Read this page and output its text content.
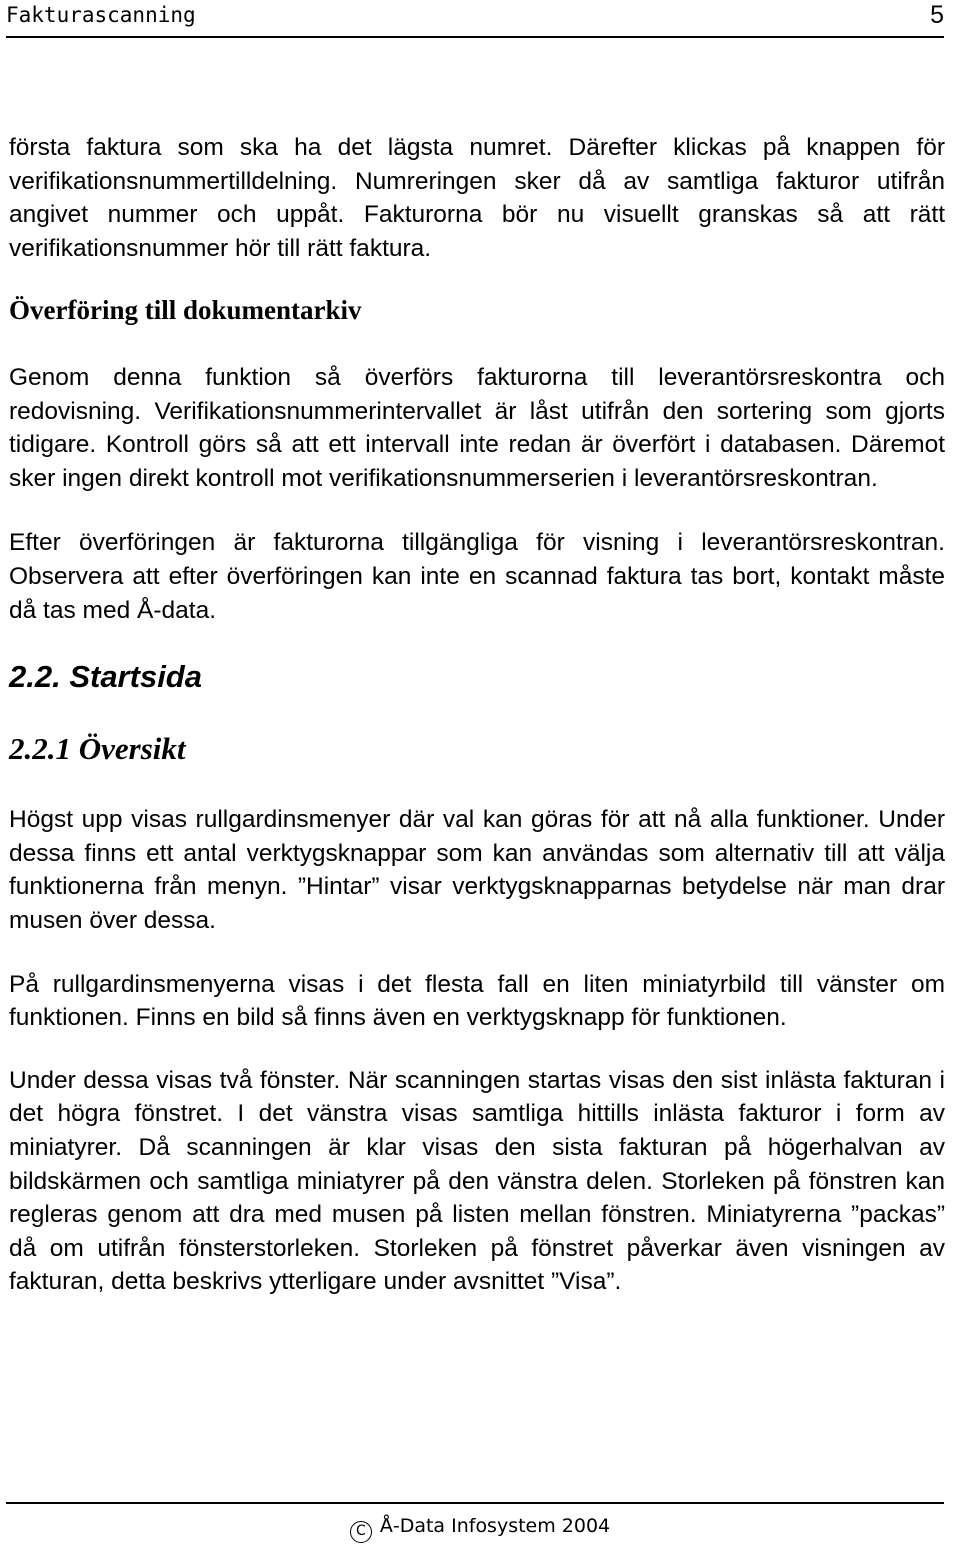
Fakturascanning	5

första faktura som ska ha det lägsta numret. Därefter klickas på knappen för verifikationsnummertilldelning. Numreringen sker då av samtliga fakturor utifrån angivet nummer och uppåt. Fakturorna bör nu visuellt granskas så att rätt verifikationsnummer hör till rätt faktura.

Överföring till dokumentarkiv

Genom denna funktion så överförs fakturorna till leverantörsreskontra och redovisning. Verifikationsnummerintervallet är låst utifrån den sortering som gjorts tidigare. Kontroll görs så att ett intervall inte redan är överfört i databasen. Däremot sker ingen direkt kontroll mot verifikationsnummerserien i leverantörsreskontran.

Efter överföringen är fakturorna tillgängliga för visning i leverantörsreskontran. Observera att efter överföringen kan inte en scannad faktura tas bort, kontakt måste då tas med Å-data.

2.2. Startsida
2.2.1 Översikt

Högst upp visas rullgardinsmenyer där val kan göras för att nå alla funktioner. Under dessa finns ett antal verktygsknappar som kan användas som alternativ till att välja funktionerna från menyn. ”Hintar” visar verktygsknapparnas betydelse när man drar musen över dessa.

På rullgardinsmenyerna visas i det flesta fall en liten miniatyrbild till vänster om funktionen. Finns en bild så finns även en verktygsknapp för funktionen.

Under dessa visas två fönster. När scanningen startas visas den sist inlästa fakturan i det högra fönstret. I det vänstra visas samtliga hittills inlästa fakturor i form av miniatyrer. Då scanningen är klar visas den sista fakturan på högerhalvan av bildskärmen och samtliga miniatyrer på den vänstra delen. Storleken på fönstren kan regleras genom att dra med musen på listen mellan fönstren. Miniatyrerna ”packas” då om utifrån fönsterstorleken. Storleken på fönstret påverkar även visningen av fakturan, detta beskrivs ytterligare under avsnittet ”Visa”.

C Å-Data Infosystem 2004
